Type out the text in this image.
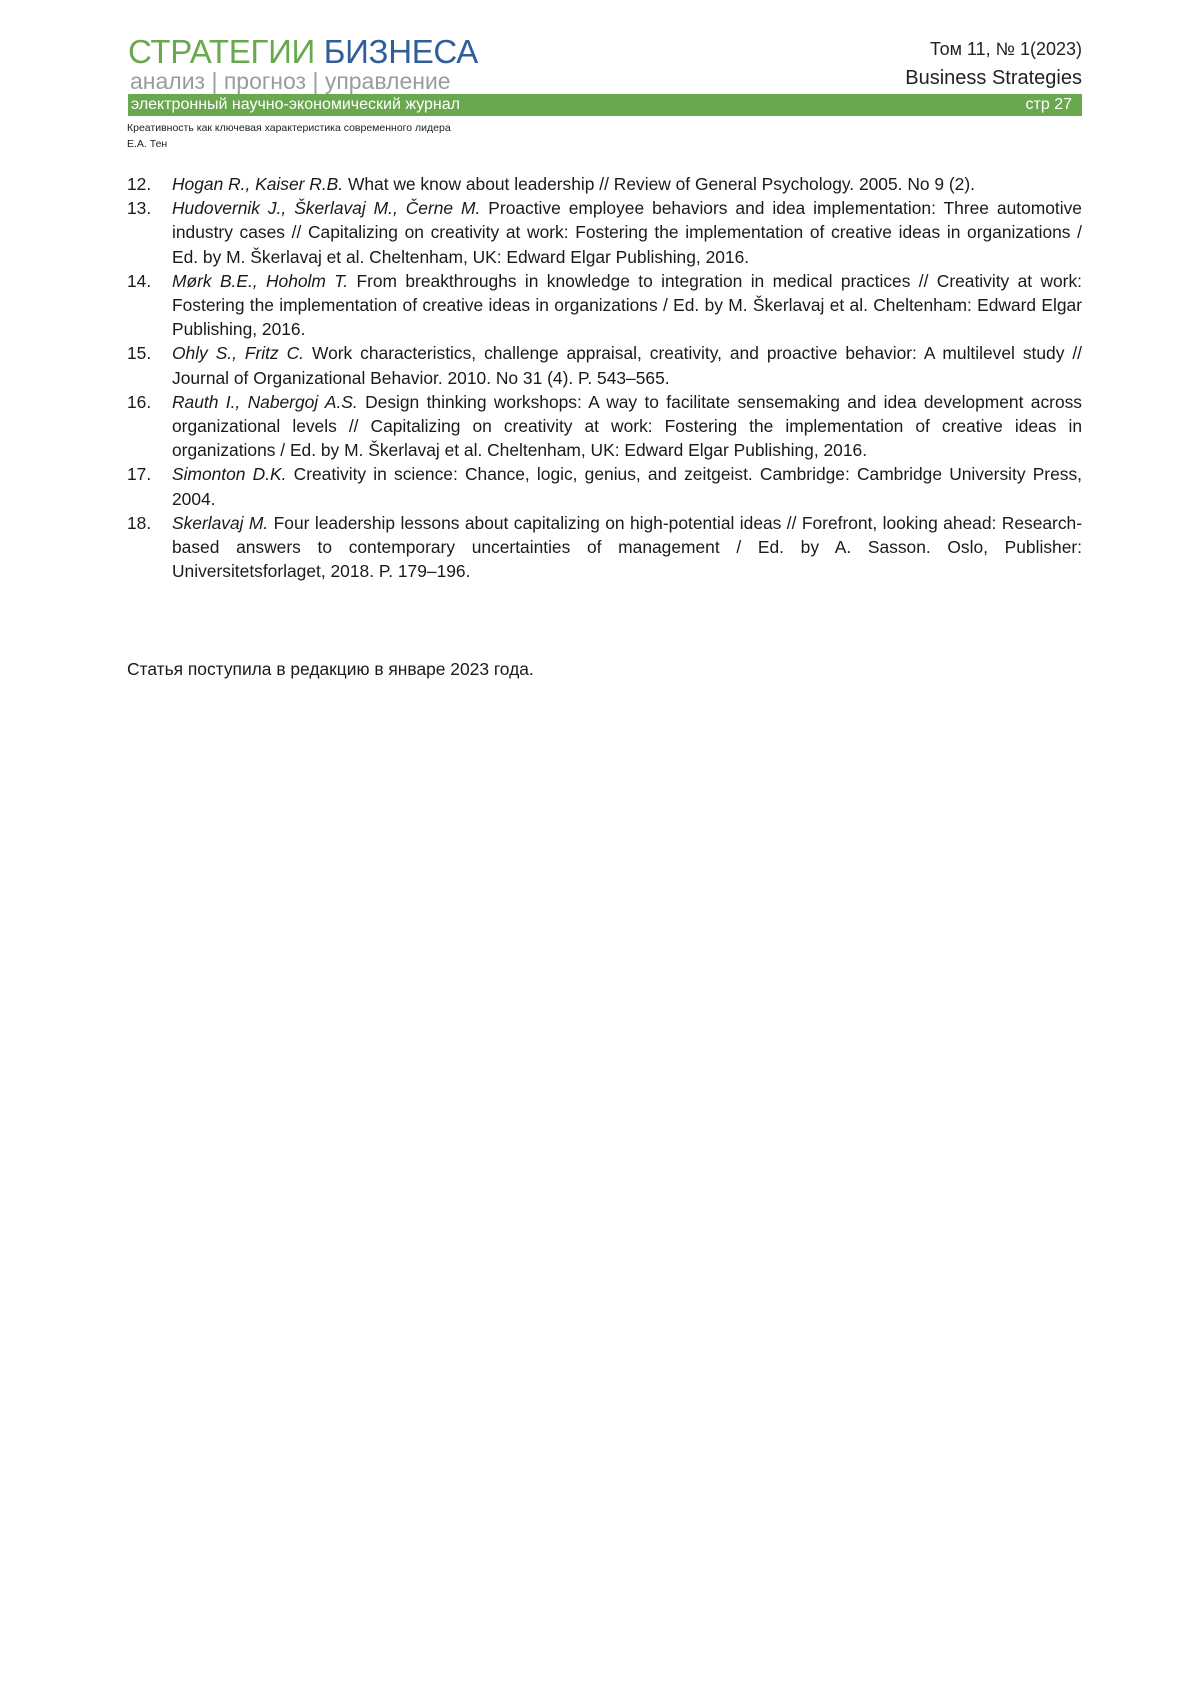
СТРАТЕГИИ БИЗНЕСА
анализ | прогноз | управление
Том 11, № 1(2023)
Business Strategies
электронный научно-экономический журнал	стр 27
Креативность как ключевая характеристика современного лидера
Е.А. Тен
12. Hogan R., Kaiser R.B. What we know about leadership // Review of General Psychology. 2005. No 9 (2).
13. Hudovernik J., Škerlavaj M., Černe M. Proactive employee behaviors and idea implementation: Three automotive industry cases // Capitalizing on creativity at work: Fostering the implementation of creative ideas in organizations / Ed. by M. Škerlavaj et al. Cheltenham, UK: Edward Elgar Publishing, 2016.
14. Mørk B.E., Hoholm T. From breakthroughs in knowledge to integration in medical practices // Creativity at work: Fostering the implementation of creative ideas in organizations / Ed. by M. Škerlavaj et al. Cheltenham: Edward Elgar Publishing, 2016.
15. Ohly S., Fritz C. Work characteristics, challenge appraisal, creativity, and proactive behavior: A multilevel study // Journal of Organizational Behavior. 2010. No 31 (4). P. 543–565.
16. Rauth I., Nabergoj A.S. Design thinking workshops: A way to facilitate sensemaking and idea development across organizational levels // Capitalizing on creativity at work: Fostering the implementation of creative ideas in organizations / Ed. by M. Škerlavaj et al. Cheltenham, UK: Edward Elgar Publishing, 2016.
17. Simonton D.K. Creativity in science: Chance, logic, genius, and zeitgeist. Cambridge: Cambridge University Press, 2004.
18. Skerlavaj M. Four leadership lessons about capitalizing on high-potential ideas // Forefront, looking ahead: Research-based answers to contemporary uncertainties of management / Ed. by A. Sasson. Oslo, Publisher: Universitetsforlaget, 2018. P. 179–196.
Статья поступила в редакцию в январе 2023 года.
